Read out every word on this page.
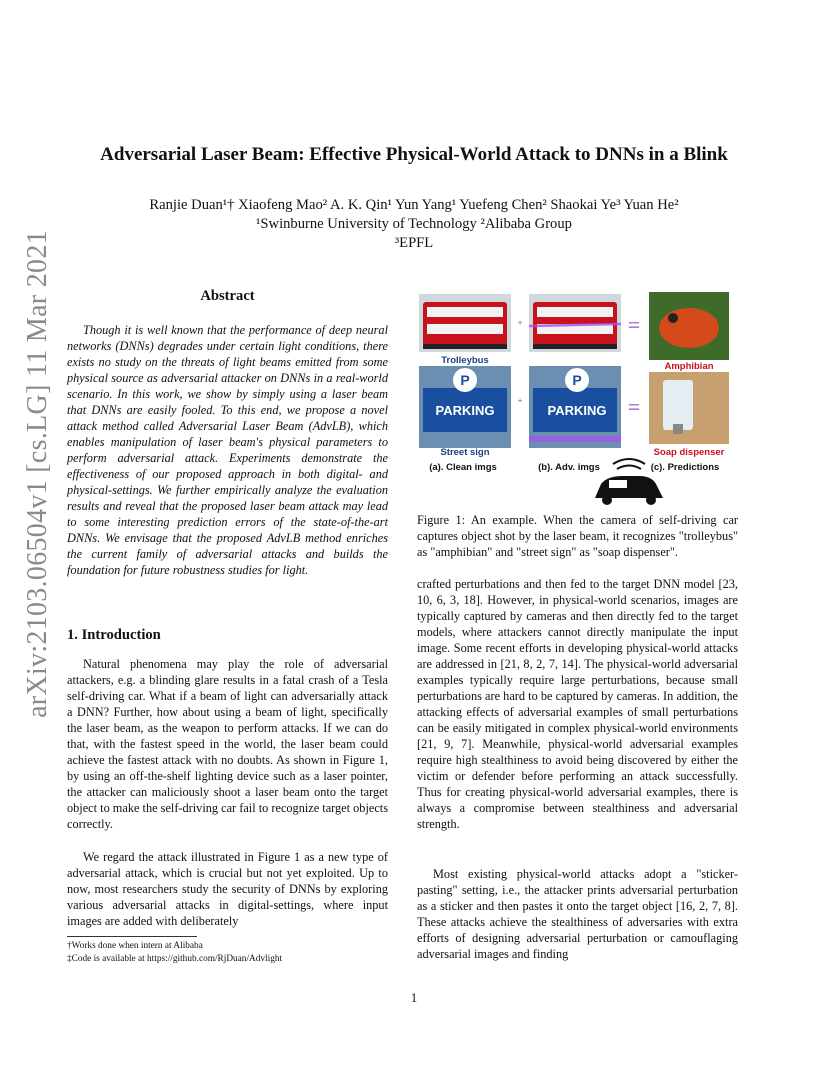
Adversarial Laser Beam: Effective Physical-World Attack to DNNs in a Blink
Ranjie Duan¹† Xiaofeng Mao² A. K. Qin¹ Yun Yang¹ Yuefeng Chen² Shaokai Ye³ Yuan He²
¹Swinburne University of Technology ²Alibaba Group
³EPFL
arXiv:2103.06504v1 [cs.LG] 11 Mar 2021	Abstract

Though it is well known that the performance of deep neural networks (DNNs) degrades under certain light conditions, there exists no study on the threats of light beams emitted from some physical source as adversarial attacker on DNNs in a real-world scenario. In this work, we show by simply using a laser beam that DNNs are easily fooled. To this end, we propose a novel attack method called Adversarial Laser Beam (AdvLB), which enables manipulation of laser beam's physical parameters to perform adversarial attack. Experiments demonstrate the effectiveness of our proposed approach in both digital- and physical-settings. We further empirically analyze the evaluation results and reveal that the proposed laser beam attack may lead to some interesting prediction errors of the state-of-the-art DNNs. We envisage that the proposed AdvLB method enriches the current family of adversarial attacks and builds the foundation for future robustness studies for light.

1. Introduction

Natural phenomena may play the role of adversarial attackers, e.g. a blinding glare results in a fatal crash of a Tesla self-driving car. What if a beam of light can adversarially attack a DNN? Further, how about using a beam of light, specifically the laser beam, as the weapon to perform attacks. If we can do that, with the fastest speed in the world, the laser beam could achieve the fastest attack with no doubts. As shown in Figure 1, by using an off-the-shelf lighting device such as a laser pointer, the attacker can maliciously shoot a laser beam onto the target object to make the self-driving car fail to recognize target objects correctly.

We regard the attack illustrated in Figure 1 as a new type of adversarial attack, which is crucial but not yet exploited. Up to now, most researchers study the security of DNNs by exploring various adversarial attacks in digital-settings, where input images are added with deliberately

†Works done when intern at Alibaba
‡Code is available at https://github.com/RjDuan/Advlight
P
PARKING
P
PARKING
+
+
=
=
Trolleybus
Amphibian
Street sign	Soap dispenser
(a). Clean imgs	(b). Adv. imgs	(c). Predictions
Figure 1: An example. When the camera of self-driving car captures object shot by the laser beam, it recognizes "trolleybus" as "amphibian" and "street sign" as "soap dispenser".

crafted perturbations and then fed to the target DNN model [23, 10, 6, 3, 18]. However, in physical-world scenarios, images are typically captured by cameras and then directly fed to the target models, where attackers cannot directly manipulate the input image. Some recent efforts in developing physical-world attacks are addressed in [21, 8, 2, 7, 14]. The physical-world adversarial examples typically require large perturbations, because small perturbations are hard to be captured by cameras. In addition, the attacking effects of adversarial examples of small perturbations can be easily mitigated in complex physical-world environments [21, 9, 7]. Meanwhile, physical-world adversarial examples require high stealthiness to avoid being discovered by either the victim or defender before performing an attack successfully. Thus for creating physical-world adversarial examples, there is always a compromise between stealthiness and adversarial strength.

Most existing physical-world attacks adopt a "sticker-pasting" setting, i.e., the attacker prints adversarial perturbation as a sticker and then pastes it onto the target object [16, 2, 7, 8]. These attacks achieve the stealthiness of adversaries with extra efforts of designing adversarial perturbation or camouflaging adversarial images and finding

1
